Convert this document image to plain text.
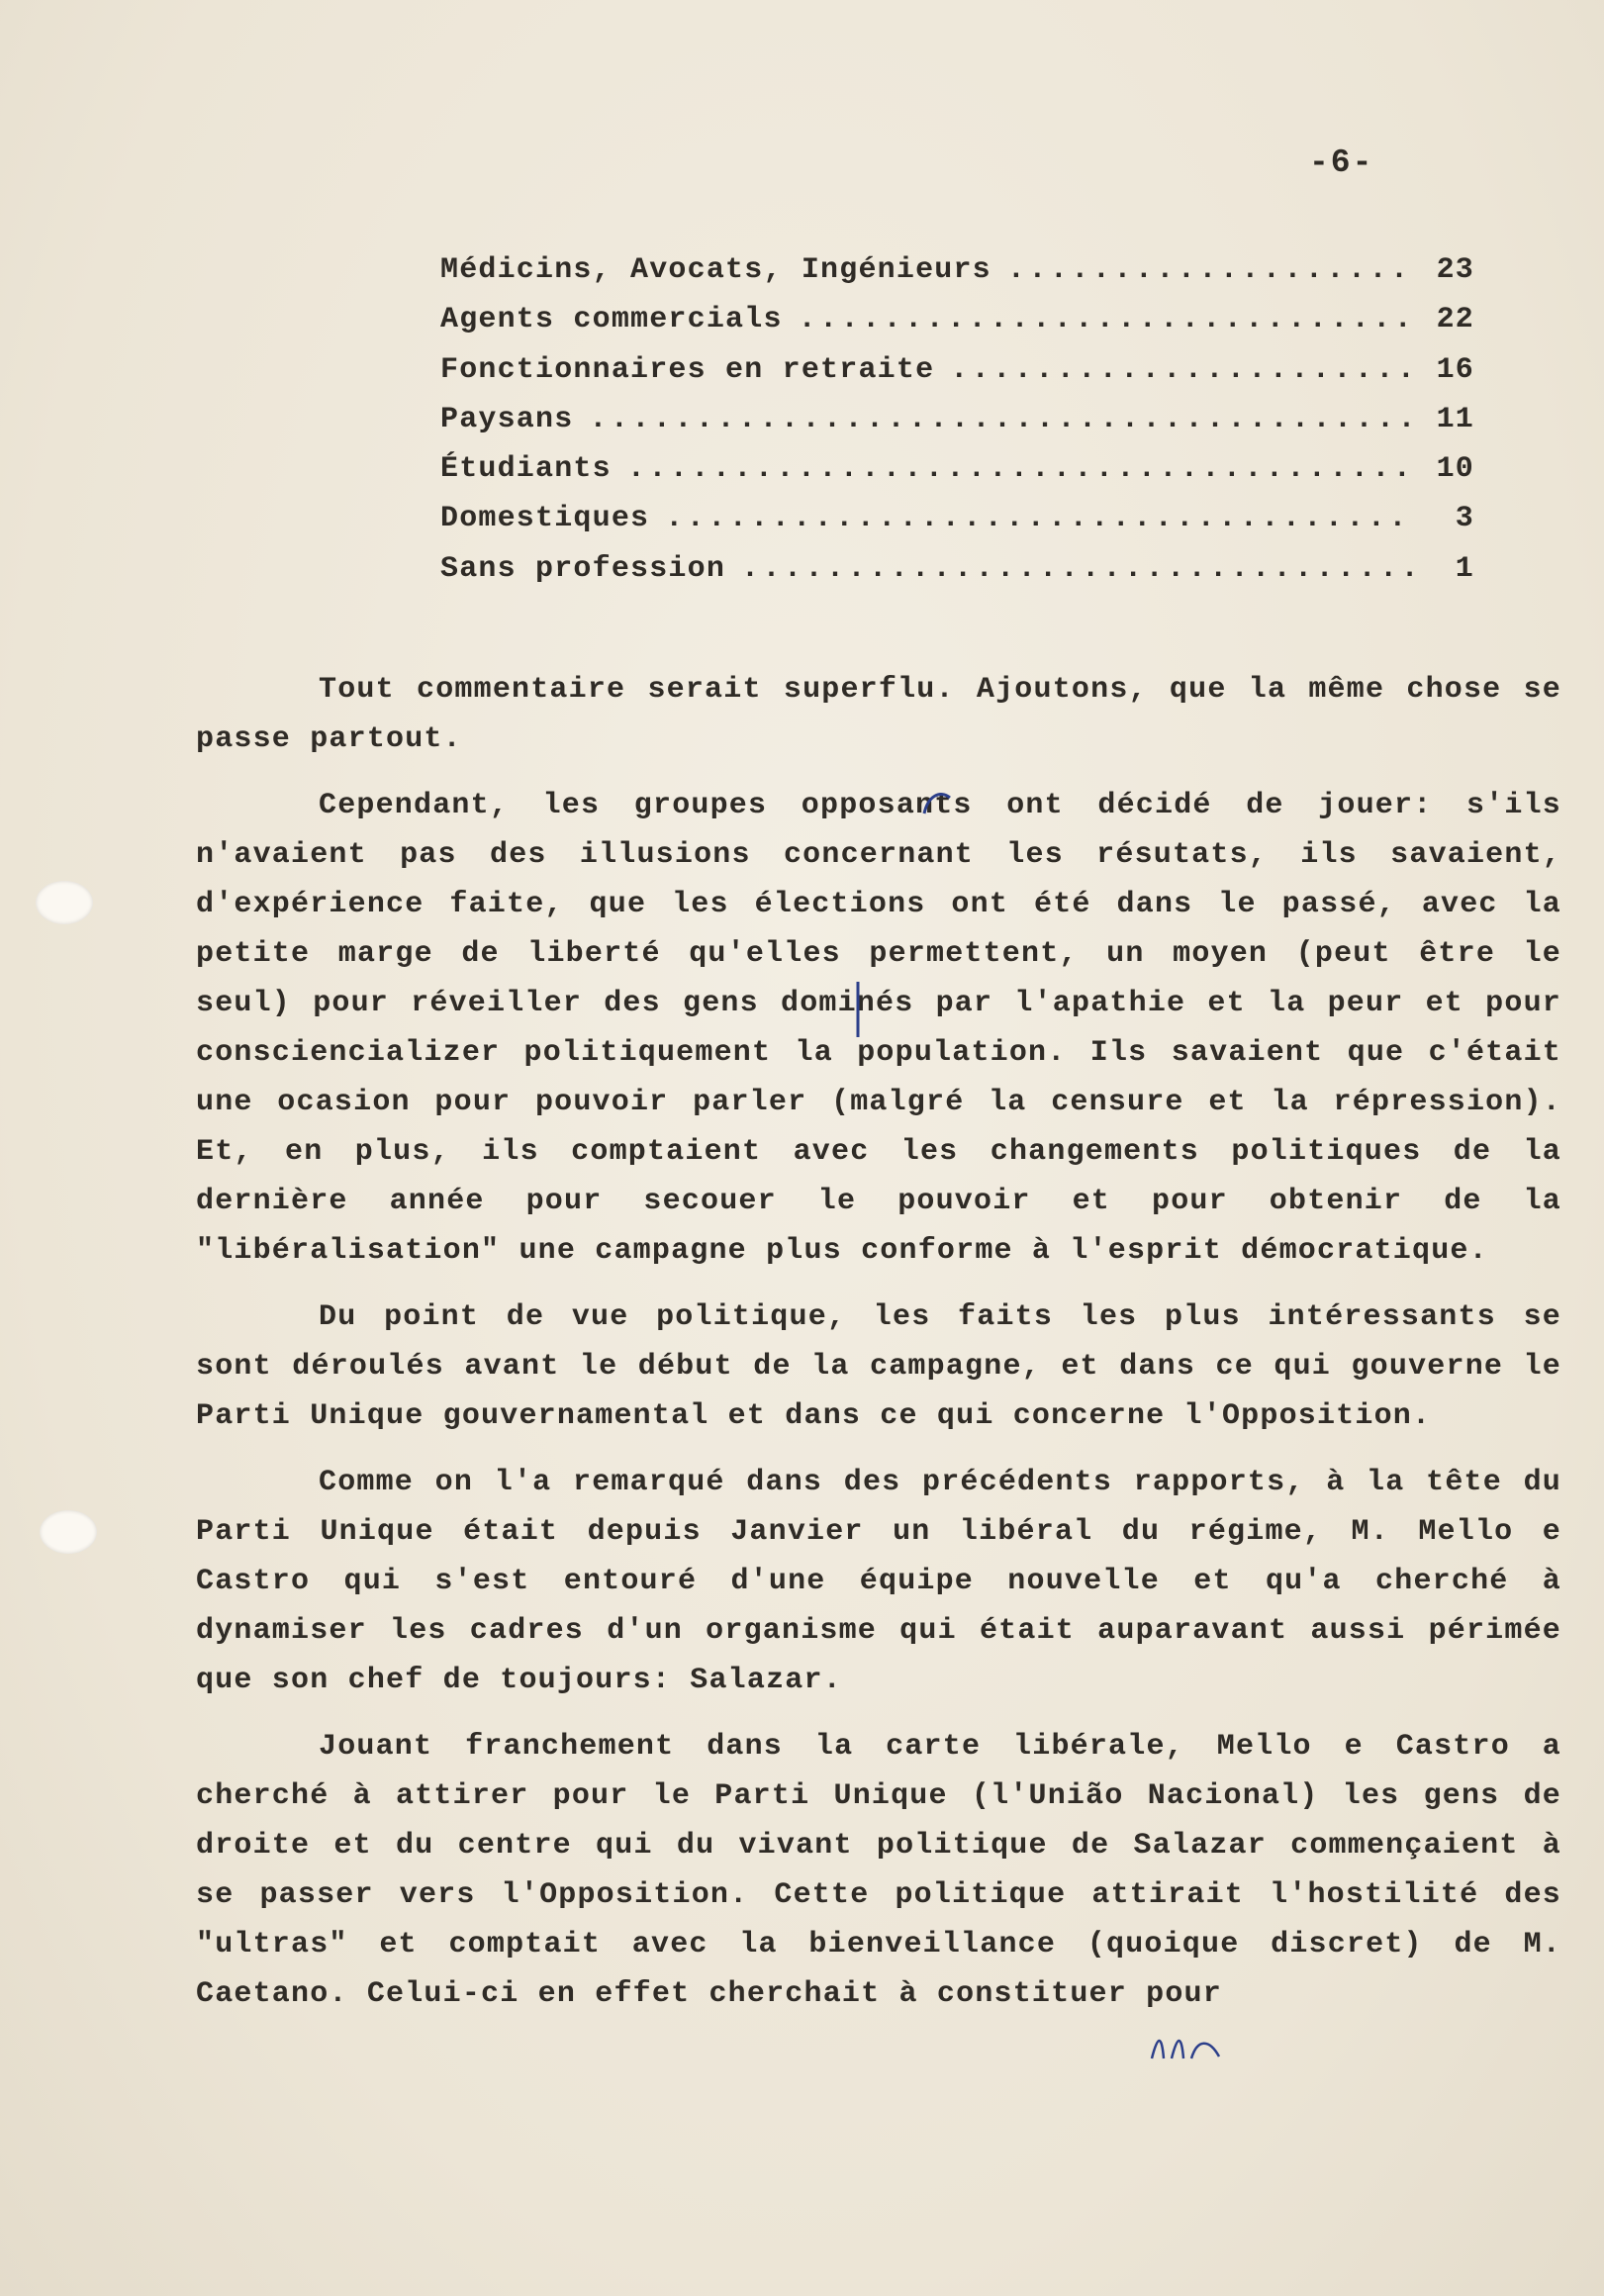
-6-
Médicins, Avocats, Ingénieurs .....	23
Agents commercials .....	22
Fonctionnaires en retraite .....	16
Paysans .....	11
Étudiants .....	10
Domestiques .....	3
Sans profession .....	1

Tout commentaire serait superflu. Ajoutons, que la même chose se passe partout.

Cependant, les groupes opposants ont décidé de jouer: s'ils n'avaient pas des illusions concernant les résutats, ils savaient, d'expérience faite, que les élections ont été dans le passé, avec la petite marge de liberté qu'elles permettent, un moyen (peut être le seul) pour réveiller des gens dominés par l'apathie et la peur et pour consciencializer politiquement la population. Ils savaient que c'était une ocasion pour pouvoir parler (malgré la censure et la répression). Et, en plus, ils comptaient avec les changements politiques de la dernière année pour secouer le pouvoir et pour obtenir de la "libéralisation" une campagne plus conforme à l'esprit démocratique.

Du point de vue politique, les faits les plus intéressants se sont déroulés avant le début de la campagne, et dans ce qui gouverne le Parti Unique gouvernamental et dans ce qui concerne l'Opposition.

Comme on l'a remarqué dans des précédents rapports, à la tête du Parti Unique était depuis Janvier un libéral du régime, M. Mello e Castro qui s'est entouré d'une équipe nouvelle et qu'a cherché à dynamiser les cadres d'un organisme qui était auparavant aussi périmée que son chef de toujours: Salazar.

Jouant franchement dans la carte libérale, Mello e Castro a cherché à attirer pour le Parti Unique (l'União Nacional) les gens de droite et du centre qui du vivant politique de Salazar commençaient à se passer vers l'Opposition. Cette politique attirait l'hostilité des "ultras" et comptait avec la bienveillance (quoique discret) de M. Caetano. Celui-ci en effet cherchait à constituer pour
